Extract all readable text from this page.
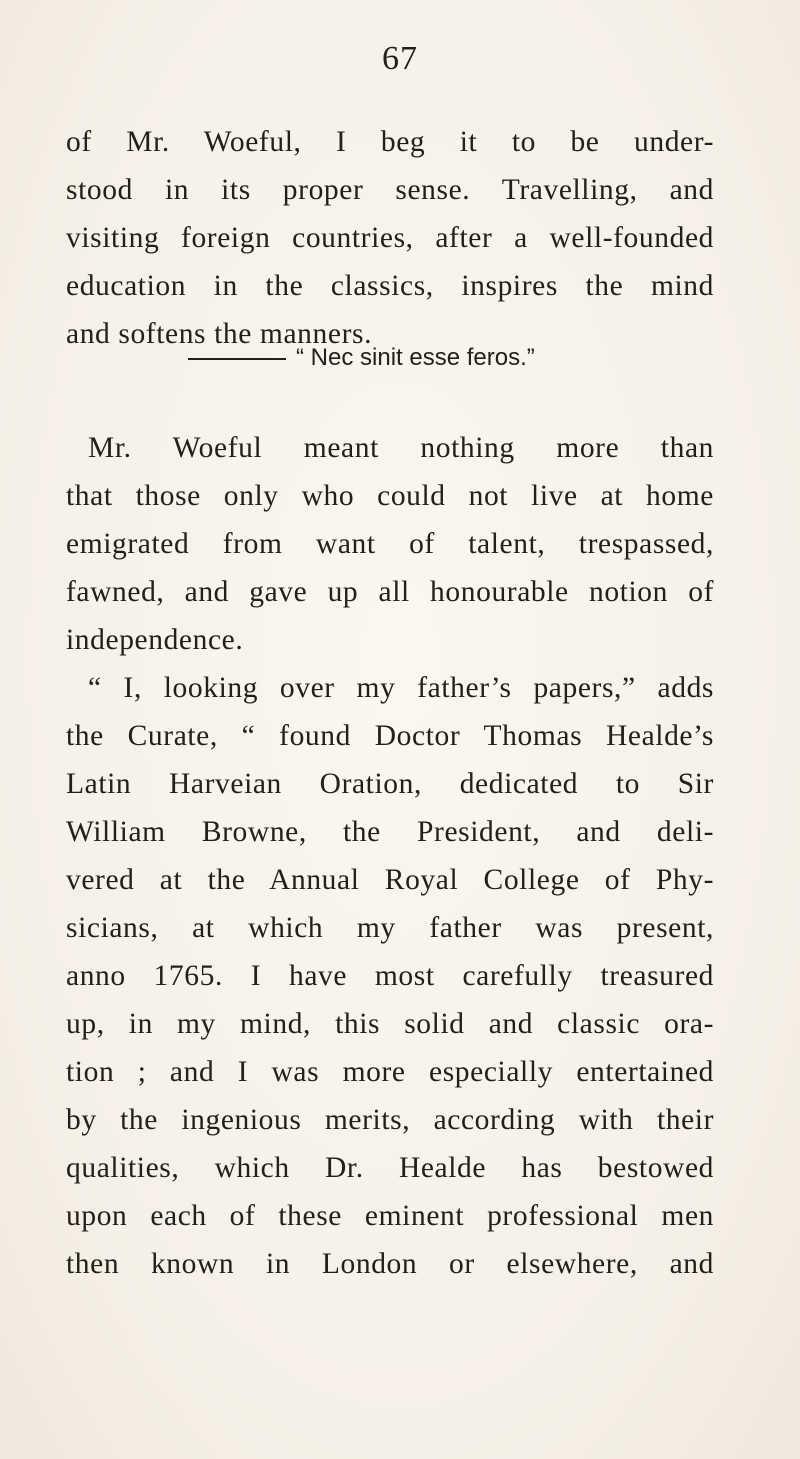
67
of Mr. Woeful, I beg it to be under-
stood in its proper sense. Travelling, and
visiting foreign countries, after a well-founded
education in the classics, inspires the mind
and softens the manners.
“ Nec sinit esse feros.”
Mr. Woeful meant nothing more than
that those only who could not live at home
emigrated from want of talent, trespassed,
fawned, and gave up all honourable notion of
independence.
“ I, looking over my father’s papers,” adds
the Curate, “ found Doctor Thomas Healde’s
Latin Harveian Oration, dedicated to Sir
William Browne, the President, and deli-
vered at the Annual Royal College of Phy-
sicians, at which my father was present,
anno 1765. I have most carefully treasured
up, in my mind, this solid and classic ora-
tion ; and I was more especially entertained
by the ingenious merits, according with their
qualities, which Dr. Healde has bestowed
upon each of these eminent professional men
then known in London or elsewhere, and
